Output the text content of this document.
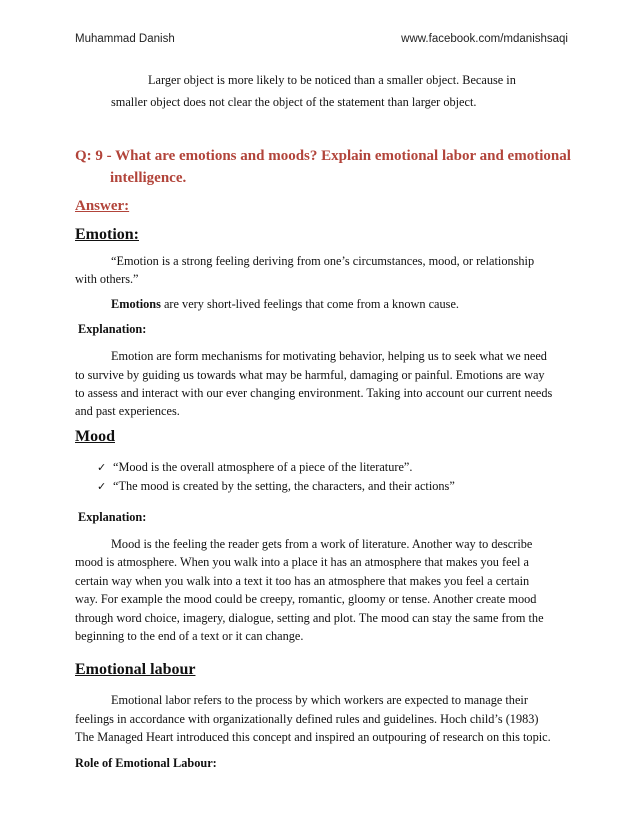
Muhammad Danish	www.facebook.com/mdanishsaqi
Larger object is more likely to be noticed than a smaller object. Because in
smaller object does not clear the object of the statement than larger object.
Q: 9 - What are emotions and moods? Explain emotional labor and emotional
intelligence.
Answer:
Emotion:
“Emotion is a strong feeling deriving from one’s circumstances, mood, or relationship
with others.”
Emotions are very short-lived feelings that come from a known cause.
Explanation:
Emotion are form mechanisms for motivating behavior, helping us to seek what we need
to survive by guiding us towards what may be harmful, damaging or painful. Emotions are way
to assess and interact with our ever changing environment. Taking into account our current needs
and past experiences.
Mood
✓ “Mood is the overall atmosphere of a piece of the literature”.
✓ “The mood is created by the setting, the characters, and their actions”
Explanation:
Mood is the feeling the reader gets from a work of literature. Another way to describe
mood is atmosphere. When you walk into a place it has an atmosphere that makes you feel a
certain way when you walk into a text it too has an atmosphere that makes you feel a certain
way. For example the mood could be creepy, romantic, gloomy or tense. Another create mood
through word choice, imagery, dialogue, setting and plot. The mood can stay the same from the
beginning to the end of a text or it can change.
Emotional labour
Emotional labor refers to the process by which workers are expected to manage their
feelings in accordance with organizationally defined rules and guidelines. Hoch child’s (1983)
The Managed Heart introduced this concept and inspired an outpouring of research on this topic.
Role of Emotional Labour:
